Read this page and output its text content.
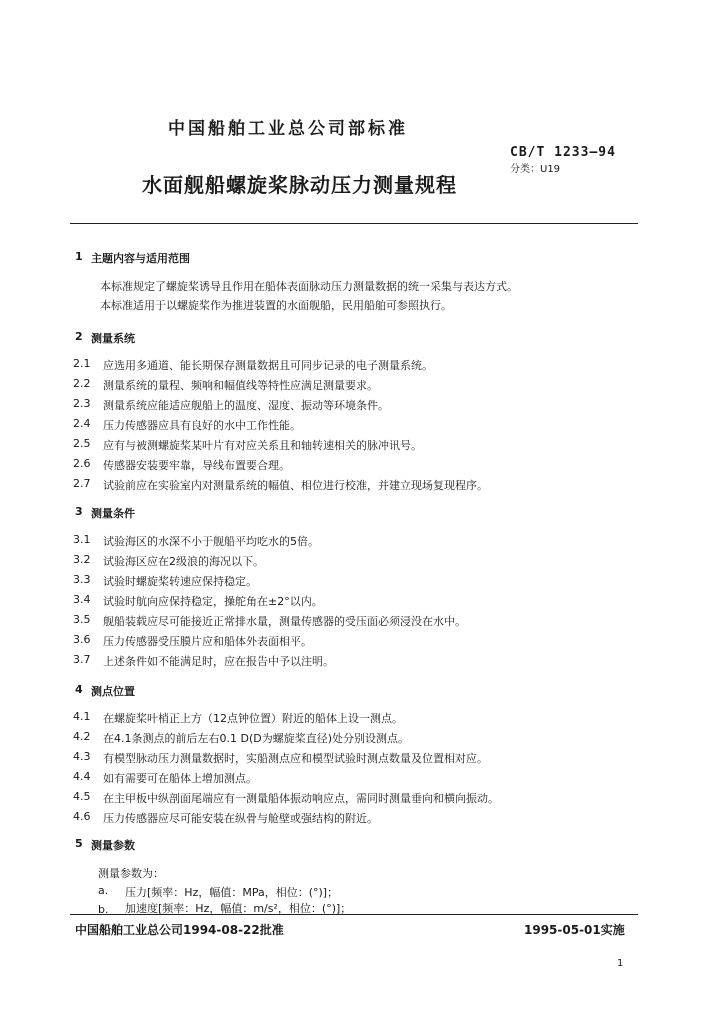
中国船舶工业总公司部标准
CB/T 1233—94
分类：U19
水面舰船螺旋桨脉动压力测量规程
1 主题内容与适用范围
本标准规定了螺旋桨诱导且作用在船体表面脉动压力测量数据的统一采集与表达方式。
本标准适用于以螺旋桨作为推进装置的水面舰船，民用船舶可参照执行。
2 测量系统
2.1 应选用多通道、能长期保存测量数据且可同步记录的电子测量系统。
2.2 测量系统的量程、频响和幅值线等特性应满足测量要求。
2.3 测量系统应能适应舰船上的温度、湿度、振动等环境条件。
2.4 压力传感器应具有良好的水中工作性能。
2.5 应有与被测螺旋桨某叶片有对应关系且和轴转速相关的脉冲讯号。
2.6 传感器安装要牢靠，导线布置要合理。
2.7 试验前应在实验室内对测量系统的幅值、相位进行校准，并建立现场复现程序。
3 测量条件
3.1 试验海区的水深不小于舰船平均吃水的5倍。
3.2 试验海区应在2级浪的海况以下。
3.3 试验时螺旋桨转速应保持稳定。
3.4 试验时航向应保持稳定，操舵角在±2°以内。
3.5 舰船装载应尽可能接近正常排水量，测量传感器的受压面必须浸没在水中。
3.6 压力传感器受压膜片应和船体外表面相平。
3.7 上述条件如不能满足时，应在报告中予以注明。
4 测点位置
4.1 在螺旋桨叶梢正上方（12点钟位置）附近的船体上设一测点。
4.2 在4.1条测点的前后左右0.1 D(D为螺旋桨直径)处分别设测点。
4.3 有模型脉动压力测量数据时，实船测点应和模型试验时测点数量及位置相对应。
4.4 如有需要可在船体上增加测点。
4.5 在主甲板中纵剖面尾端应有一测量船体振动响应点，需同时测量垂向和横向振动。
4.6 压力传感器应尽可能安装在纵骨与舱壁或强结构的附近。
5 测量参数
测量参数为：
a. 压力[频率：Hz，幅值：MPa，相位：(°)]；
b. 加速度[频率：Hz，幅值：m/s²，相位：(°)]；
中国船舶工业总公司1994-08-22批准	1995-05-01实施
1
